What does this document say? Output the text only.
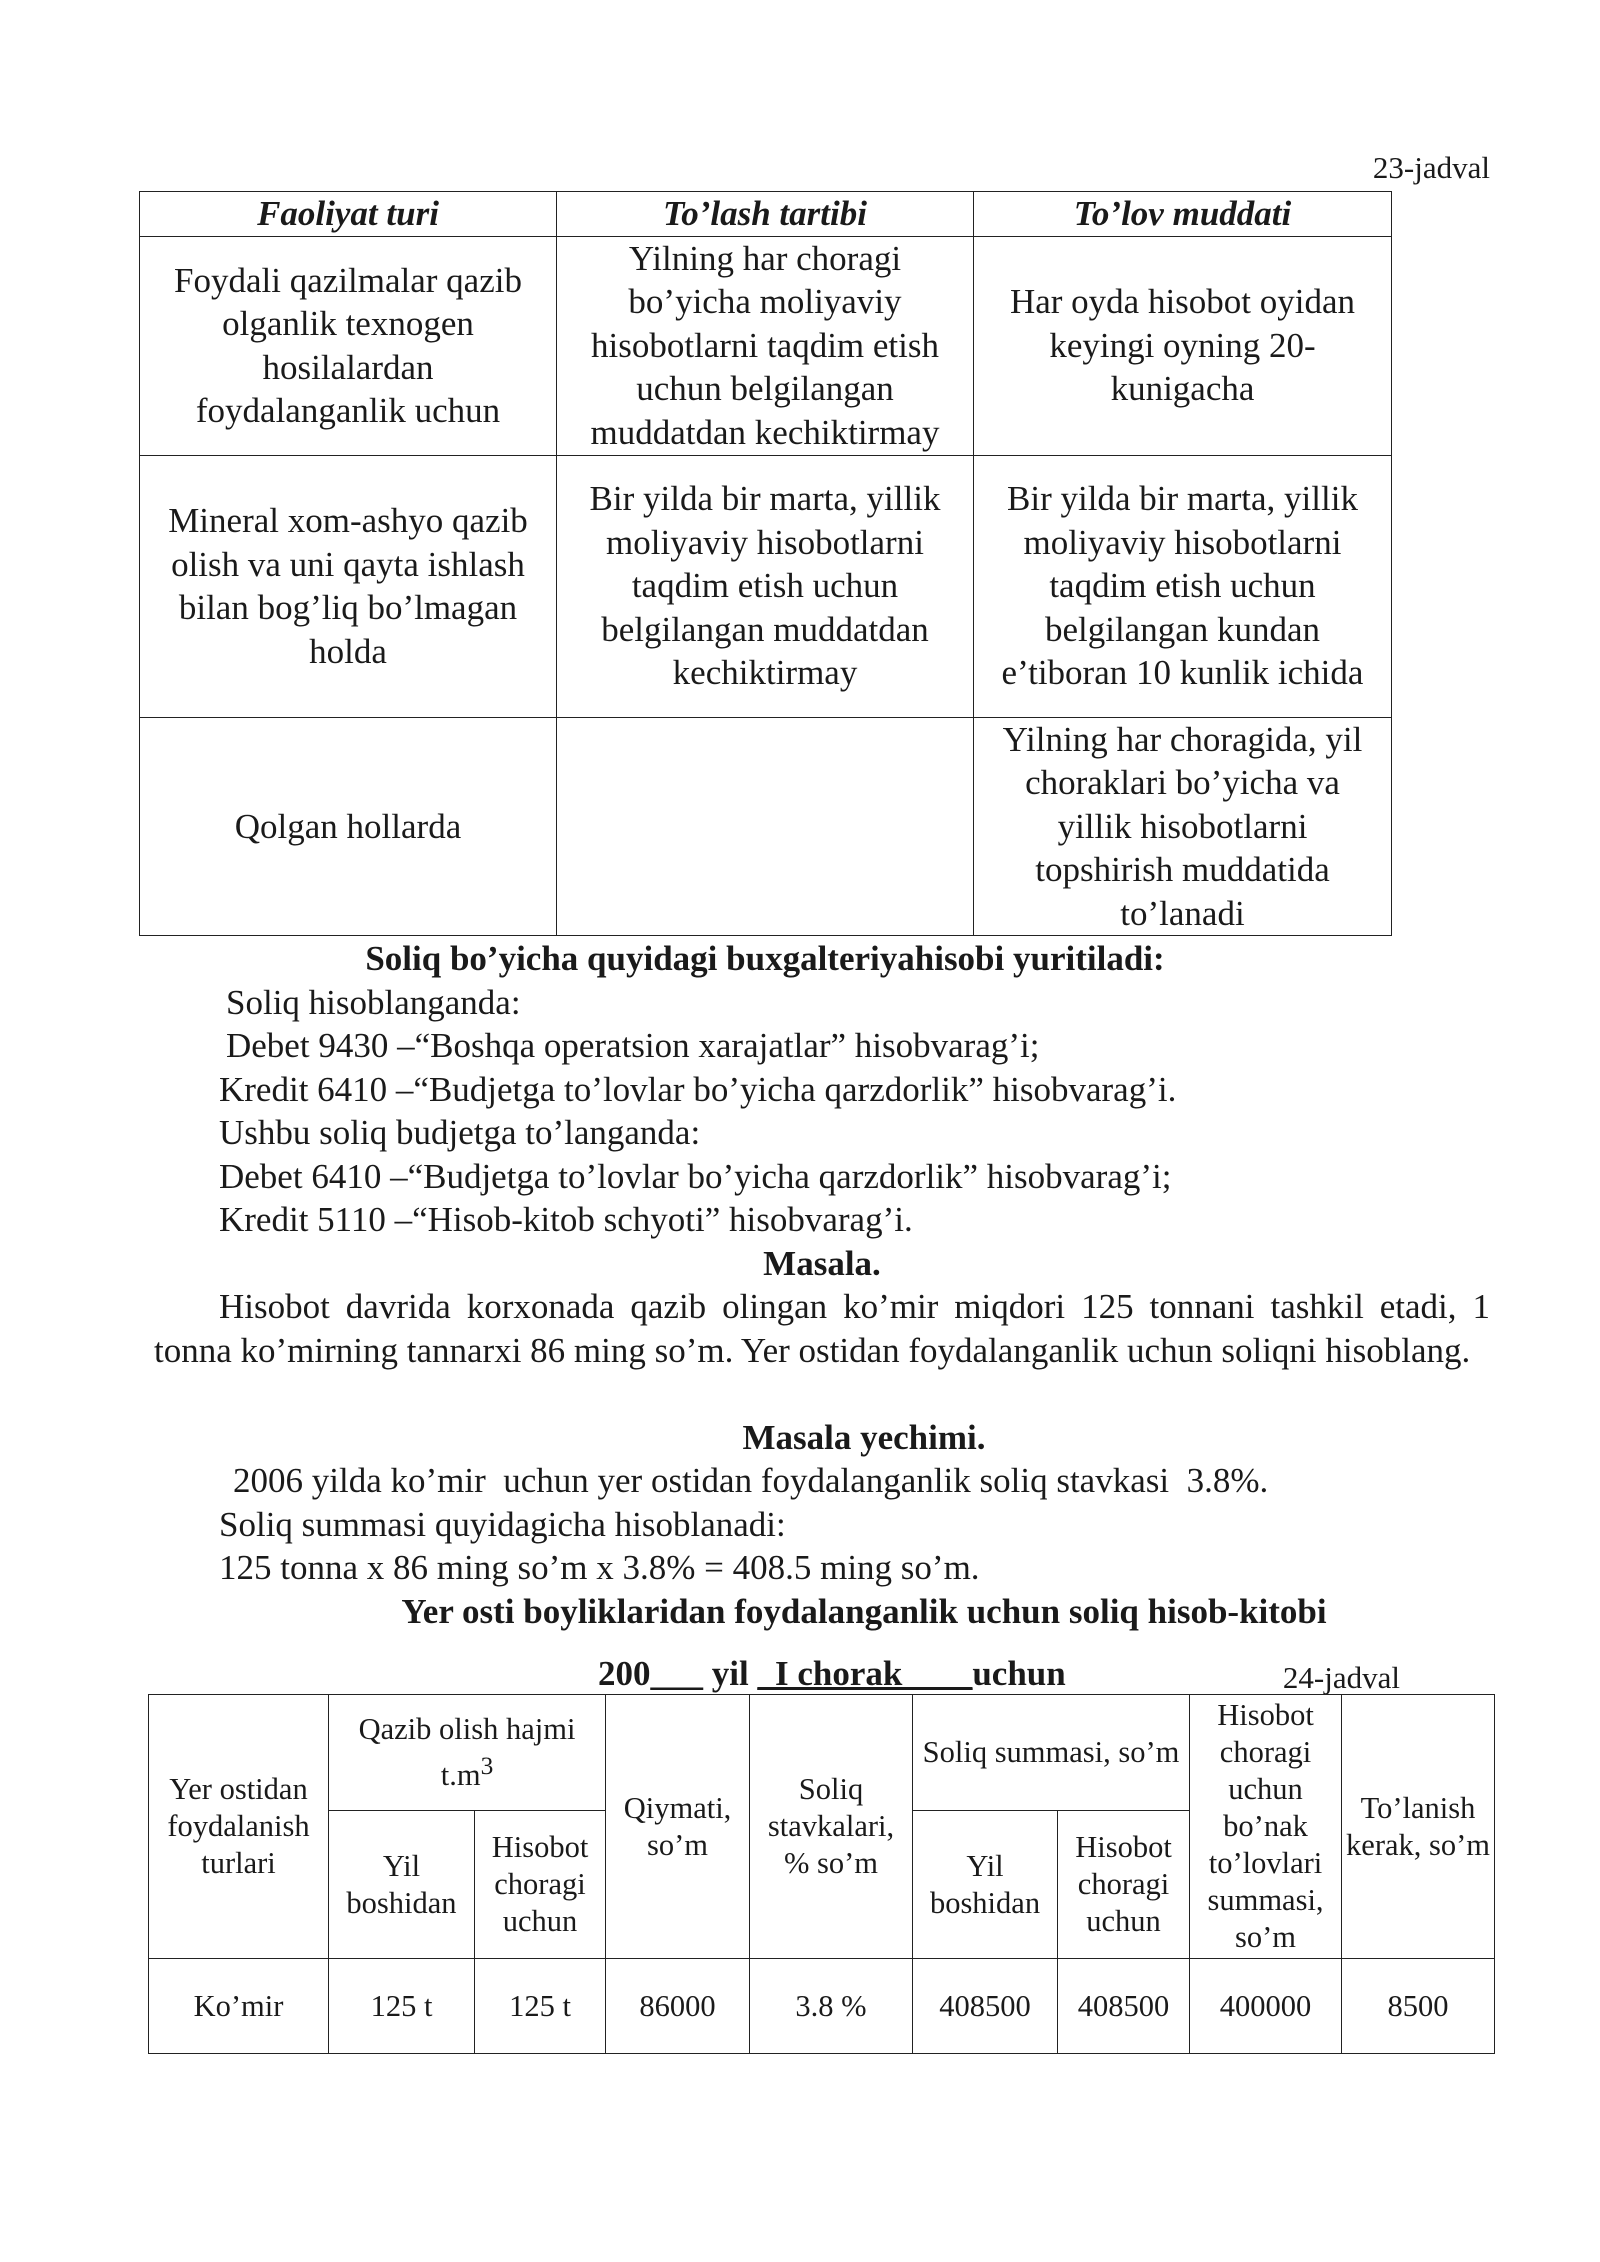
23-jadval
Faoliyat turi	To’lash tartibi	To’lov muddati
Foydali qazilmalar qazib olganlik texnogen hosilalardan foydalanganlik uchun	Yilning har choragi bo’yicha moliyaviy hisobotlarni taqdim etish uchun belgilangan muddatdan kechiktirmay	Har oyda hisobot oyidan keyingi oyning 20-kunigacha
Mineral xom-ashyo qazib olish va uni qayta ishlash bilan bog’liq bo’lmagan holda	Bir yilda bir marta, yillik moliyaviy hisobotlarni taqdim etish uchun belgilangan muddatdan kechiktirmay	Bir yilda bir marta, yillik moliyaviy hisobotlarni taqdim etish uchun belgilangan kundan e’tiboran 10 kunlik ichida
Qolgan hollarda		Yilning har choragida, yil choraklari bo’yicha va yillik hisobotlarni topshirish muddatida to’lanadi
Soliq bo’yicha quyidagi buxgalteriyahisobi yuritiladi:
Soliq hisoblanganda:
Debet 9430 –“Boshqa operatsion xarajatlar” hisobvarag’i;
Kredit 6410 –“Budjetga to’lovlar bo’yicha qarzdorlik” hisobvarag’i.
Ushbu soliq budjetga to’langanda:
Debet 6410 –“Budjetga to’lovlar bo’yicha qarzdorlik” hisobvarag’i;
Kredit 5110 –“Hisob-kitob schyoti” hisobvarag’i.
Masala.
Hisobot davrida korxonada qazib olingan ko’mir miqdori 125 tonnani tashkil etadi, 1 tonna ko’mirning tannarxi 86 ming so’m. Yer ostidan foydalanganlik uchun soliqni hisoblang.
Masala yechimi.
2006 yilda ko’mir  uchun yer ostidan foydalanganlik soliq stavkasi  3.8%.
Soliq summasi quyidagicha hisoblanadi:
125 tonna x 86 ming so’m x 3.8% = 408.5 ming so’m.
Yer osti boyliklaridan foydalanganlik uchun soliq hisob-kitobi
200___ yil _I chorak____uchun	24-jadval
Yer ostidan foydalanish turlari	Qazib olish hajmi $t.m^3$		Qiymati, so’m	Soliq stavkalari, % so’m	Soliq summasi, so’m		Hisobot choragi uchun bo’nak to’lovlari summasi, so’m	To’lanish kerak, so’m
	Yil boshidan	Hisobot choragi uchun			Yil boshidan	Hisobot choragi uchun		
Ko’mir	125 t	125 t	86000	3.8 %	408500	408500	400000	8500
